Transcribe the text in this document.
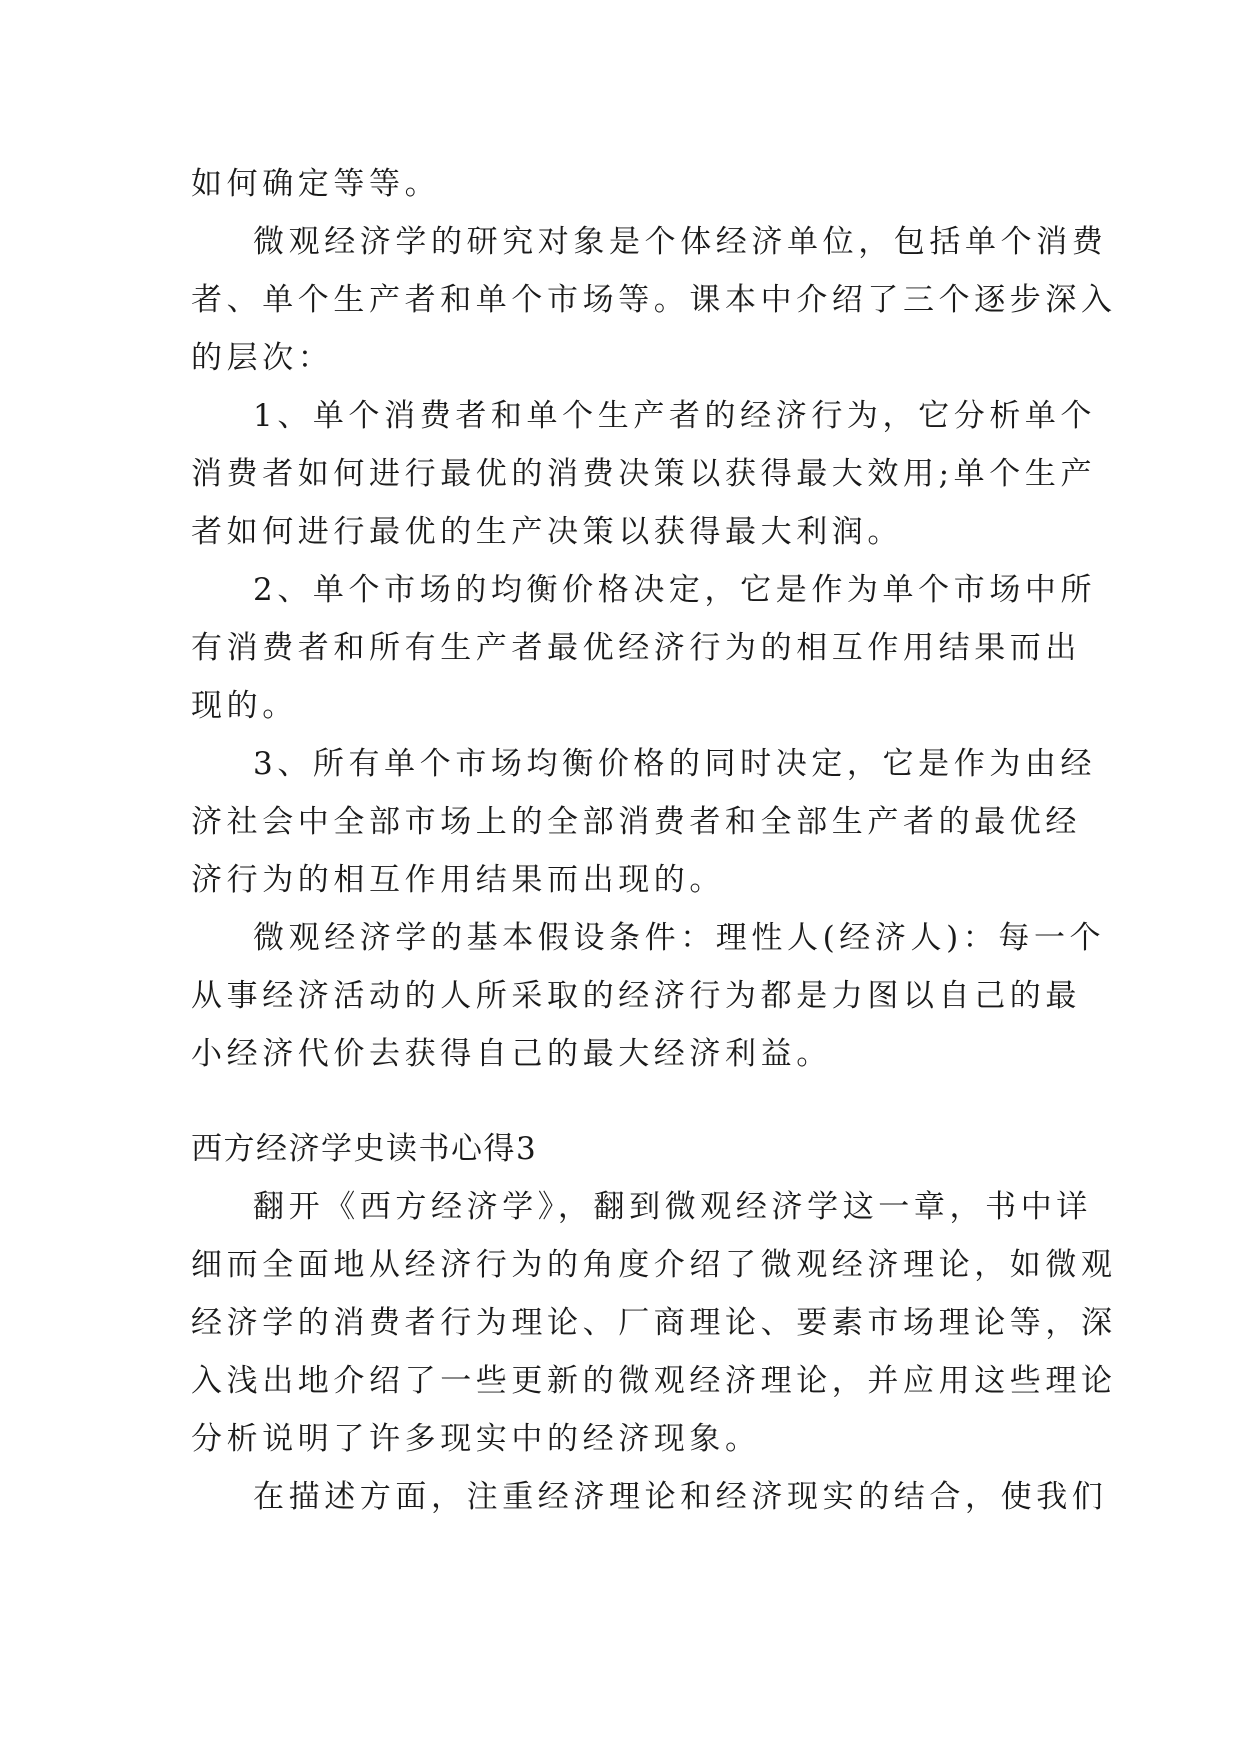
如何确定等等。

微观经济学的研究对象是个体经济单位，包括单个消费

者、单个生产者和单个市场等。课本中介绍了三个逐步深入

的层次：

1、单个消费者和单个生产者的经济行为，它分析单个

消费者如何进行最优的消费决策以获得最大效用;单个生产

者如何进行最优的生产决策以获得最大利润。

2、单个市场的均衡价格决定，它是作为单个市场中所

有消费者和所有生产者最优经济行为的相互作用结果而出

现的。

3、所有单个市场均衡价格的同时决定，它是作为由经

济社会中全部市场上的全部消费者和全部生产者的最优经

济行为的相互作用结果而出现的。

微观经济学的基本假设条件：理性人(经济人)：每一个

从事经济活动的人所采取的经济行为都是力图以自己的最

小经济代价去获得自己的最大经济利益。

西方经济学史读书心得3

翻开《西方经济学》，翻到微观经济学这一章，书中详

细而全面地从经济行为的角度介绍了微观经济理论，如微观

经济学的消费者行为理论、厂商理论、要素市场理论等，深

入浅出地介绍了一些更新的微观经济理论，并应用这些理论

分析说明了许多现实中的经济现象。

在描述方面，注重经济理论和经济现实的结合，使我们
